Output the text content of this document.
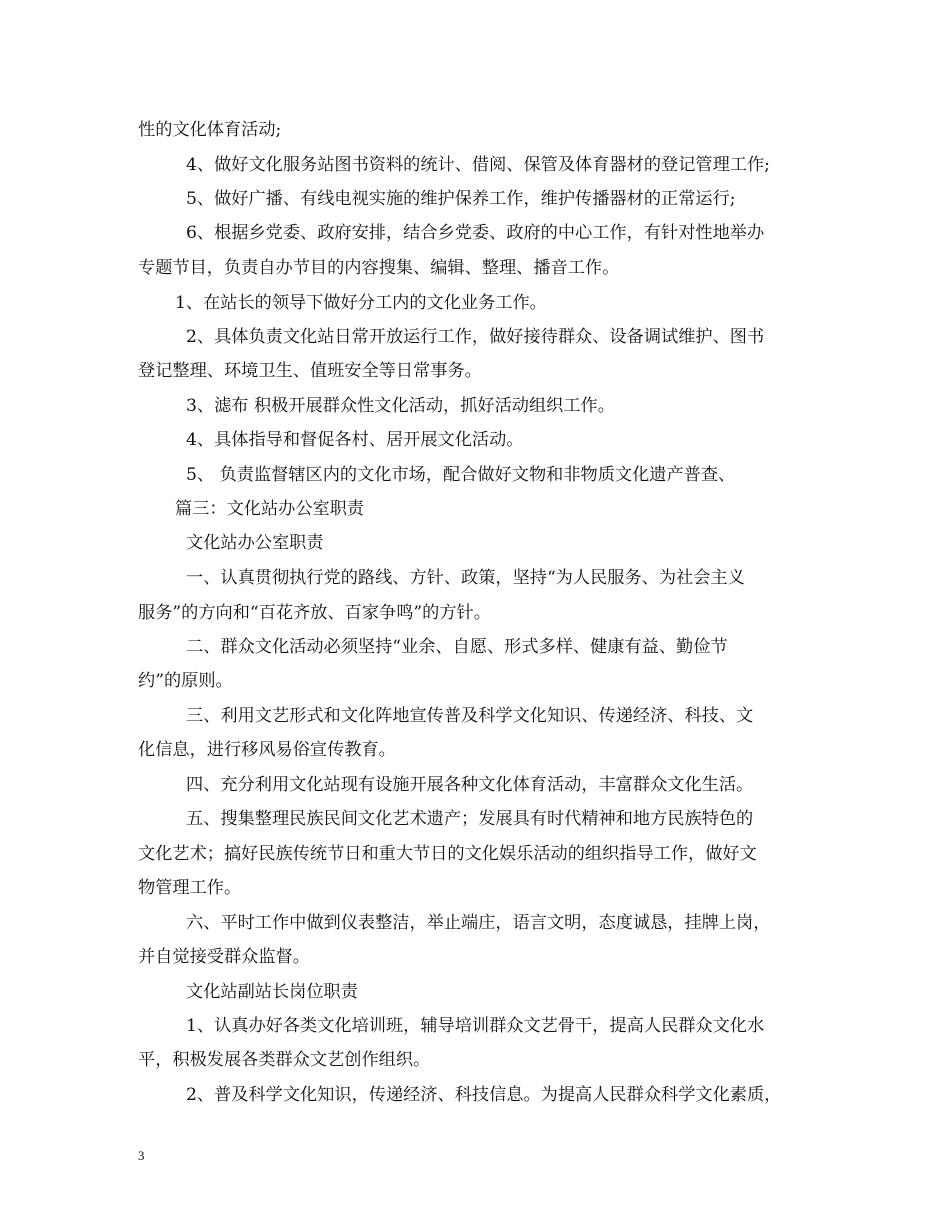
性的文化体育活动;
4、做好文化服务站图书资料的统计、借阅、保管及体育器材的登记管理工作;
5、做好广播、有线电视实施的维护保养工作，维护传播器材的正常运行;
6、根据乡党委、政府安排，结合乡党委、政府的中心工作，有针对性地举办
专题节目，负责自办节目的内容搜集、编辑、整理、播音工作。
1、在站长的领导下做好分工内的文化业务工作。
2、具体负责文化站日常开放运行工作，做好接待群众、设备调试维护、图书
登记整理、环境卫生、值班安全等日常事务。
3、滤布 积极开展群众性文化活动，抓好活动组织工作。
4、具体指导和督促各村、居开展文化活动。
5、 负责监督辖区内的文化市场，配合做好文物和非物质文化遗产普查、
篇三：文化站办公室职责
文化站办公室职责
一、认真贯彻执行党的路线、方针、政策，坚持“为人民服务、为社会主义
服务”的方向和“百花齐放、百家争鸣”的方针。
二、群众文化活动必须坚持“业余、自愿、形式多样、健康有益、勤俭节
约”的原则。
三、利用文艺形式和文化阵地宣传普及科学文化知识、传递经济、科技、文
化信息，进行移风易俗宣传教育。
四、充分利用文化站现有设施开展各种文化体育活动，丰富群众文化生活。
五、搜集整理民族民间文化艺术遗产；发展具有时代精神和地方民族特色的
文化艺术；搞好民族传统节日和重大节日的文化娱乐活动的组织指导工作，做好文
物管理工作。
六、平时工作中做到仪表整洁，举止端庄，语言文明，态度诚恳，挂牌上岗，
并自觉接受群众监督。
文化站副站长岗位职责
1、认真办好各类文化培训班，辅导培训群众文艺骨干，提高人民群众文化水
平，积极发展各类群众文艺创作组织。
2、普及科学文化知识，传递经济、科技信息。为提高人民群众科学文化素质，
3
